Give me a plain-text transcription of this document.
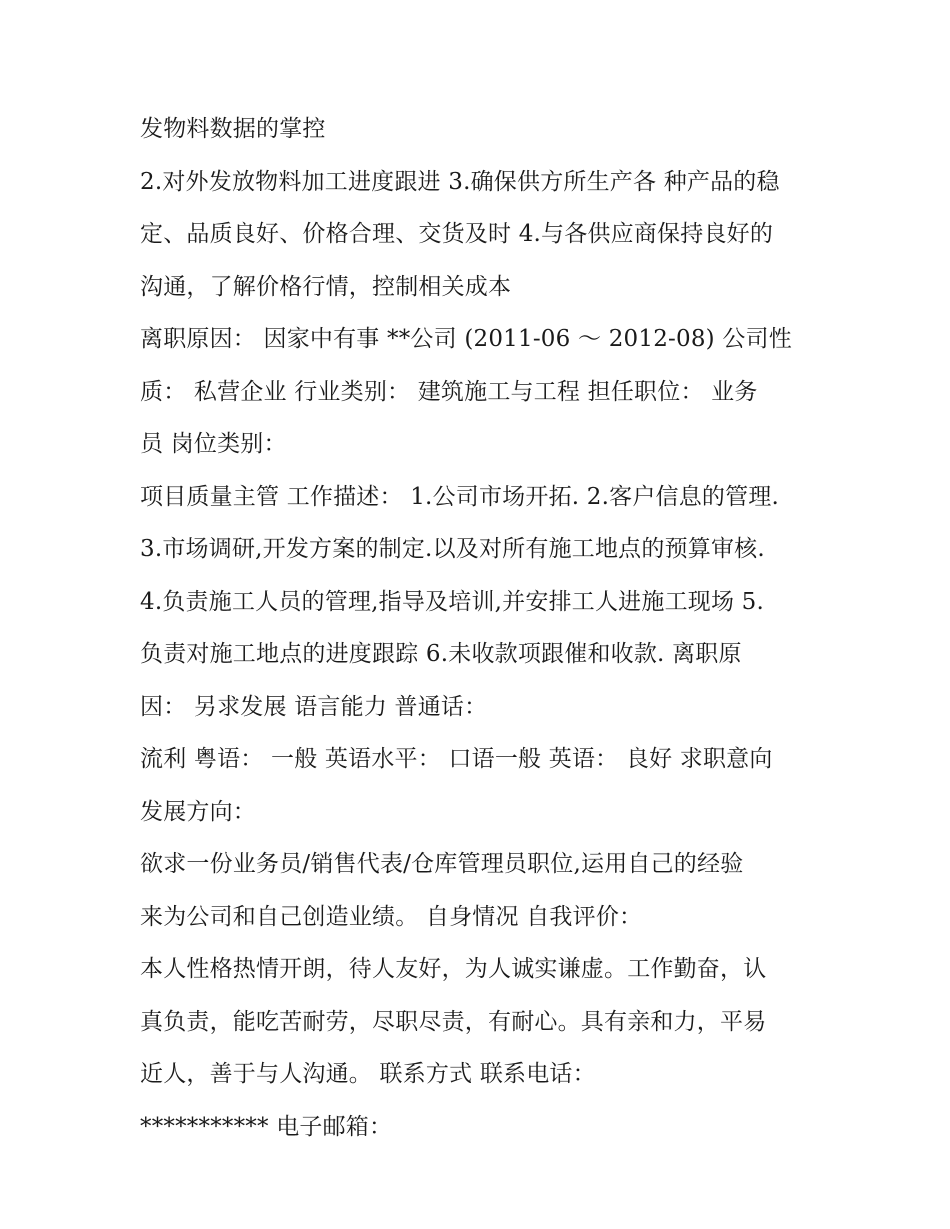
发物料数据的掌控
2.对外发放物料加工进度跟进 3.确保供方所生产各 种产品的稳
定、品质良好、价格合理、交货及时 4.与各供应商保持良好的
沟通，了解价格行情，控制相关成本
离职原因： 因家中有事 **公司 (2011-06 ～ 2012-08) 公司性
质： 私营企业 行业类别： 建筑施工与工程 担任职位： 业务
员 岗位类别：
项目质量主管 工作描述： 1.公司市场开拓. 2.客户信息的管理.
3.市场调研,开发方案的制定.以及对所有施工地点的预算审核.
4.负责施工人员的管理,指导及培训,并安排工人进施工现场 5.
负责对施工地点的进度跟踪 6.未收款项跟催和收款. 离职原
因： 另求发展 语言能力 普通话：
流利 粤语： 一般 英语水平： 口语一般 英语： 良好 求职意向
发展方向：
欲求一份业务员/销售代表/仓库管理员职位,运用自己的经验
来为公司和自己创造业绩。 自身情况 自我评价：
本人性格热情开朗，待人友好，为人诚实谦虚。工作勤奋，认
真负责，能吃苦耐劳，尽职尽责，有耐心。具有亲和力，平易
近人，善于与人沟通。 联系方式 联系电话：
*********** 电子邮箱：
